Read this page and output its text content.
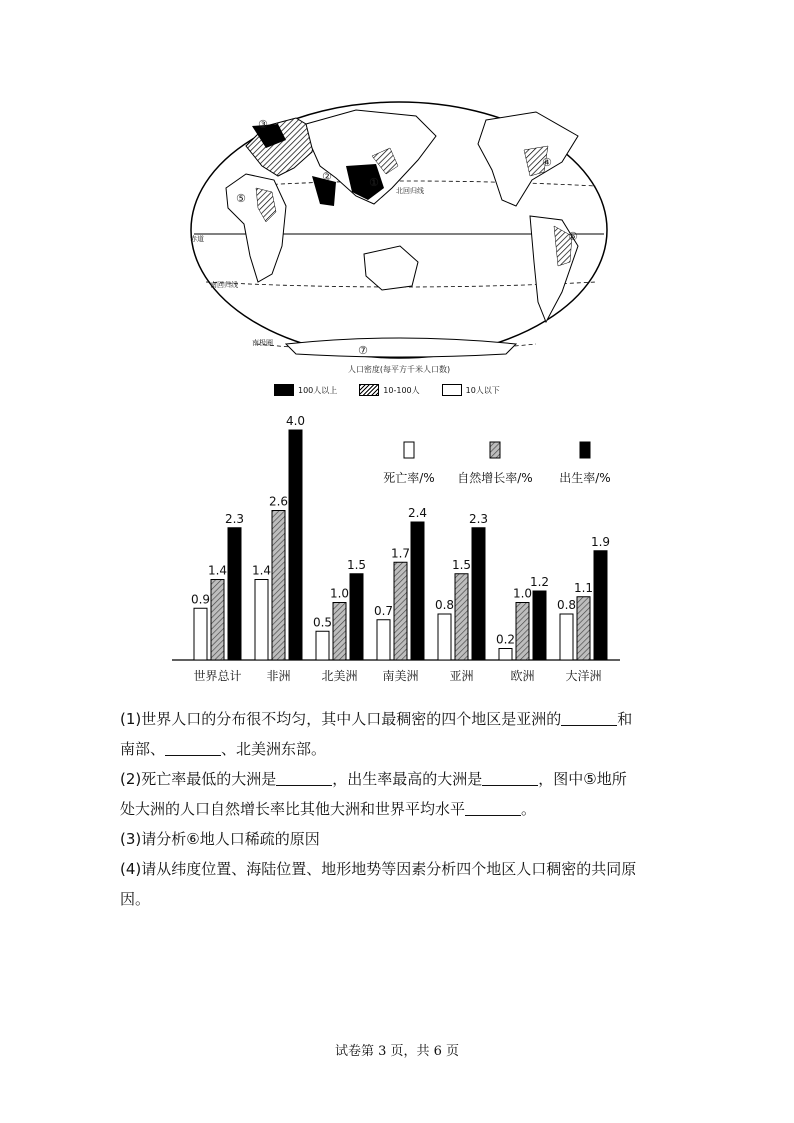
北回归线
赤道
南回归线
南极圈
①
②
③
④
⑤
⑥
⑦
人口密度(每平方千米人口数)
100人以上	10-100人	10人以下
0.9
1.4
2.3
世界总计
1.4
2.6
4.0
非洲
0.5
1.0
1.5
北美洲
0.7
1.7
2.4
南美洲
0.8
1.5
2.3
亚洲
0.2
1.0
1.2
欧洲
0.8
1.1
1.9
大洋洲
死亡率/% 自然增长率/% 出生率/%

(1)世界人口的分布很不均匀，其中人口最稠密的四个地区是亚洲的	和

南部、	、北美洲东部。

(2)死亡率最低的大洲是	，出生率最高的大洲是	，图中⑤地所

处大洲的人口自然增长率比其他大洲和世界平均水平	。

(3)请分析⑥地人口稀疏的原因

(4)请从纬度位置、海陆位置、地形地势等因素分析四个地区人口稠密的共同原

因。

试卷第 3 页，共 6 页
